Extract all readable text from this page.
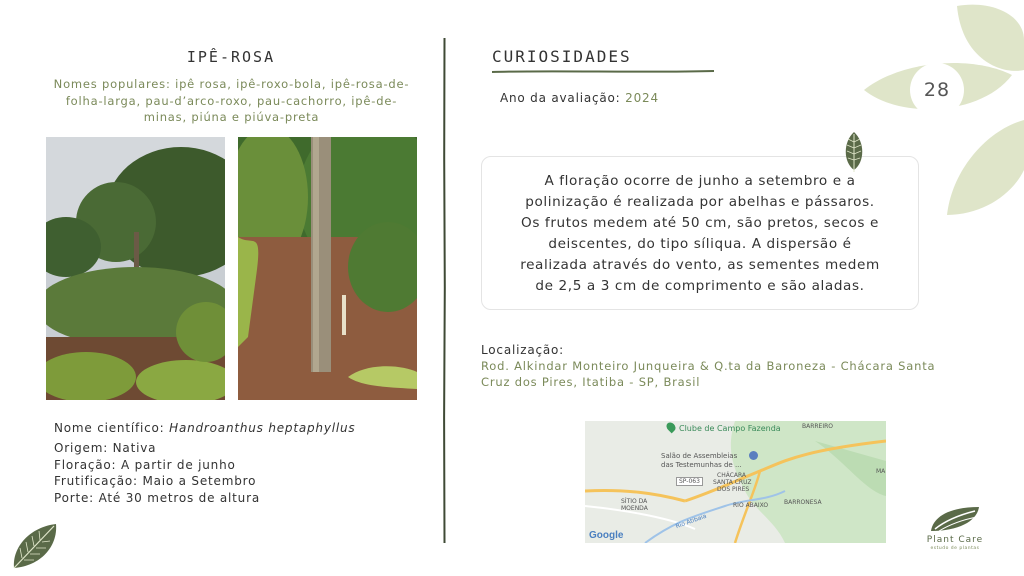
28
IPÊ-ROSA
Nomes populares: ipê rosa, ipê-roxo-bola, ipê-rosa-de-
folha-larga, pau-d’arco-roxo, pau-cachorro, ipê-de-
minas, piúna e piúva-preta
Nome científico: Handroanthus heptaphyllus
Origem: Nativa
Floração: A partir de junho
Frutificação: Maio a Setembro
Porte: Até 30 metros de altura
CURIOSIDADES
Ano da avaliação: 2024
A floração ocorre de junho a setembro e a
polinização é realizada por abelhas e pássaros.
Os frutos medem até 50 cm, são pretos, secos e
deiscentes, do tipo síliqua. A dispersão é
realizada através do vento, as sementes medem
de 2,5 a 3 cm de comprimento e são aladas.
Localização:
Rod. Alkindar Monteiro Junqueira & Q.ta da Baroneza - Chácara Santa
Cruz dos Pires, Itatiba - SP, Brasil
Clube de Campo Fazenda	BARREIRO
Salão de Assembleias
das Testemunhas de ...
SP-063
CHÁCARA
SANTA CRUZ
DOS PIRES
BARRONESA
SÍTIO DA
MOENDA	RIO ABAIXO
Rio Atibaia
MA
Google	Plant Care
estudo de plantas
